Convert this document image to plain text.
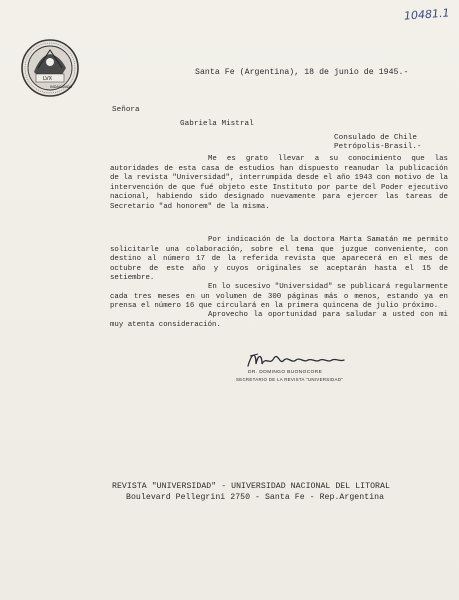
10481.1
LVX
INDAGANDO
Santa Fe (Argentina), 18 de junio de 1945.-
Señora
Gabriela Mistral
Consulado de Chile
Petrópolis-Brasil.-
Me es grato llevar a su conocimiento que las autoridades de esta casa de estudios han dispuesto reanudar la publicación de la revista "Universidad", interrumpida desde el año 1943 con motivo de la intervención de que fué objeto este Instituto por parte del Poder ejecutivo nacional, habiendo sido designado nuevamente para ejercer las tareas de Secretario "ad honorem" de la misma.
Por indicación de la doctora Marta Samatán me permito solicitarle una colaboración, sobre el tema que juzgue conveniente, con destino al número 17 de la referida revista que aparecerá en el mes de octubre de este año y cuyos originales se aceptarán hasta el 15 de setiembre.
En lo sucesivo "Universidad" se publicará regularmente cada tres meses en un volumen de 300 páginas más o menos, estando ya en prensa el número 16 que circulará en la primera quincena de julio próximo.
Aprovecho la oportunidad para saludar a usted con mi muy atenta consideración.
DR. DOMINGO BUONOCORE
SECRETARIO DE LA REVISTA "UNIVERSIDAD"
REVISTA "UNIVERSIDAD" - UNIVERSIDAD NACIONAL DEL LITORAL
Boulevard Pellegrini 2750 - Santa Fe - Rep.Argentina
